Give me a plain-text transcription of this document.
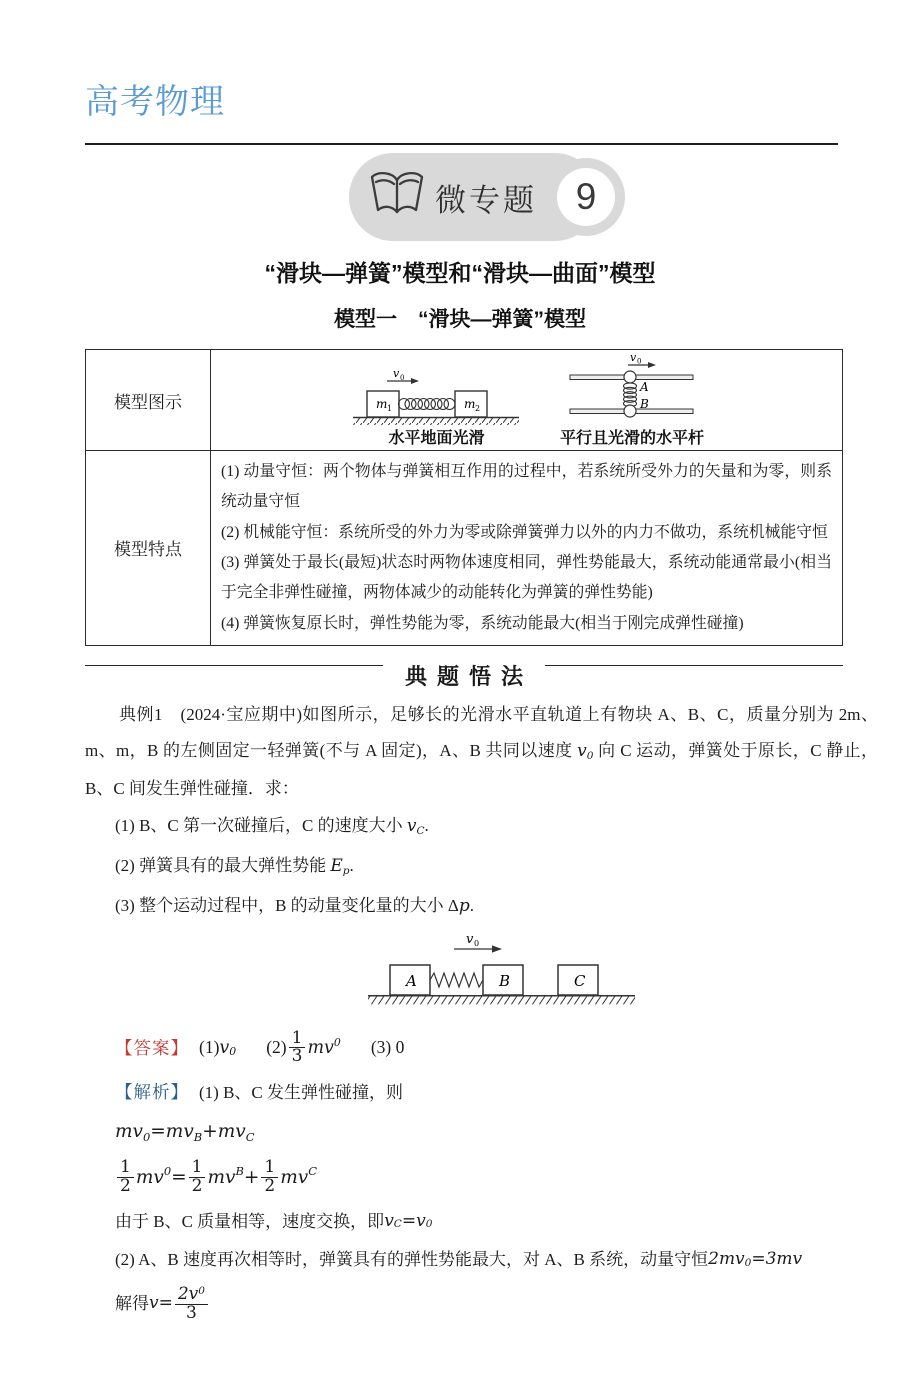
高考物理
微专题	9
“滑块—弹簧”模型和“滑块—曲面”模型
模型一　“滑块—弹簧”模型
模型图示	
v 0
m 1	m 2
水平地面光滑
v 0
A
B
平行且光滑的水平杆

模型特点	(1) 动量守恒：两个物体与弹簧相互作用的过程中，若系统所受外力的矢量和为零，则系统动量守恒
(2) 机械能守恒：系统所受的外力为零或除弹簧弹力以外的内力不做功，系统机械能守恒
(3) 弹簧处于最长(最短)状态时两物体速度相同，弹性势能最大，系统动能通常最小(相当于完全非弹性碰撞，两物体减少的动能转化为弹簧的弹性势能)
(4) 弹簧恢复原长时，弹性势能为零，系统动能最大(相当于刚完成弹性碰撞)
典题悟法

典例1　(2024·宝应期中)如图所示，足够长的光滑水平直轨道上有物块 A、B、C，质量分别为 2m、m、m，B 的左侧固定一轻弹簧(不与 A 固定)，A、B 共同以速度 $v_0$ 向 C 运动，弹簧处于原长，C 静止，B、C 间发生弹性碰撞．求：

(1) B、C 第一次碰撞后，C 的速度大小 $v_C$.

(2) 弹簧具有的最大弹性势能 $E_p$.

(3) 整个运动过程中，B 的动量变化量的大小 Δp.

v 0
A	B	C
【答案】 (1) v 0 $(2) \frac{1}{3}$ mv 0 (3) 0
【解析】 (1) B、C 发生弹性碰撞，则
$mv_0=mv_B+mv_C$
$\frac{1}{2}$ mv $0 = \frac{1}{2}$ mv $B + \frac{1}{2}$ mv C
由于 B、C 质量相等，速度交换，即 v C =v 0
(2) A、B 速度再次相等时，弹簧具有的弹性势能最大，对 A、B 系统，动量守恒 2mv 0 =3mv
解得 $v= \frac{2v^0}{3}$
